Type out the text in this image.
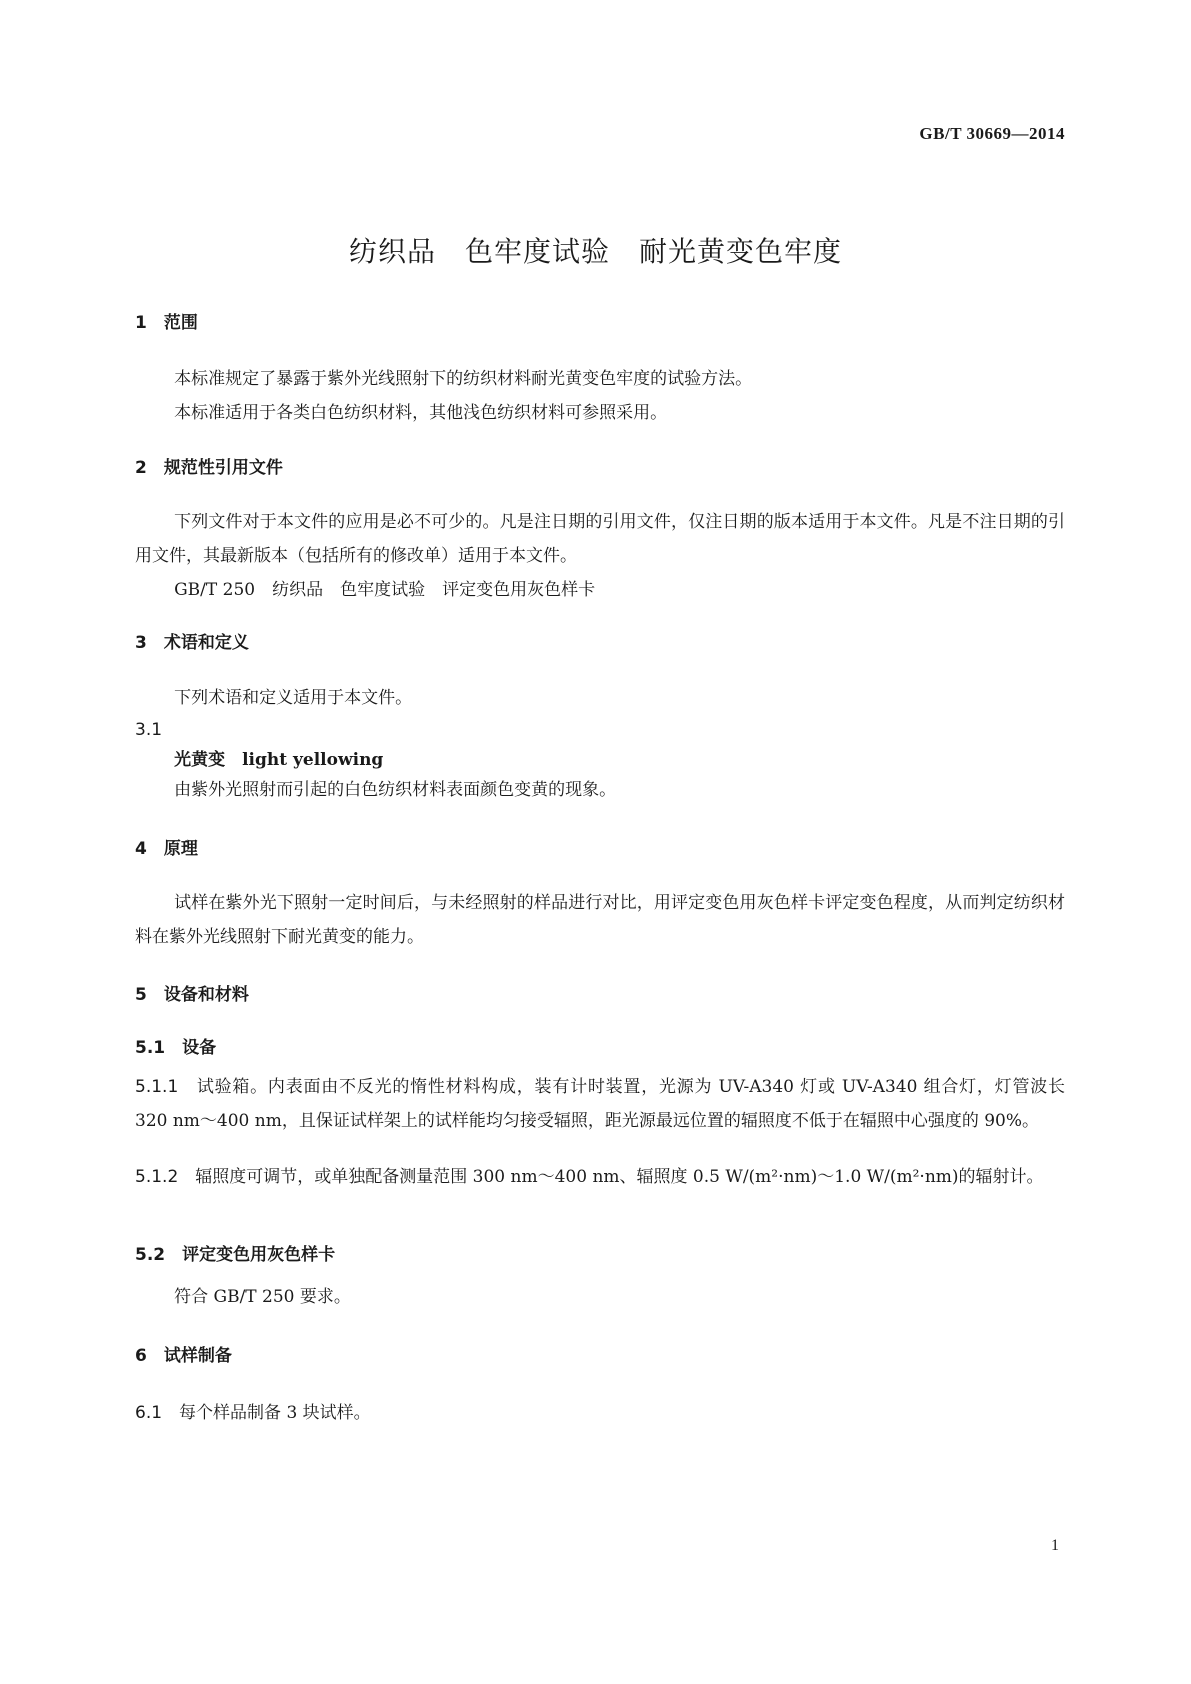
GB/T 30669—2014
纺织品　色牢度试验　耐光黄变色牢度
1　范围
本标准规定了暴露于紫外光线照射下的纺织材料耐光黄变色牢度的试验方法。
本标准适用于各类白色纺织材料，其他浅色纺织材料可参照采用。
2　规范性引用文件
下列文件对于本文件的应用是必不可少的。凡是注日期的引用文件，仅注日期的版本适用于本文件。凡是不注日期的引用文件，其最新版本（包括所有的修改单）适用于本文件。
GB/T 250　纺织品　色牢度试验　评定变色用灰色样卡
3　术语和定义
下列术语和定义适用于本文件。
3.1
光黄变　light yellowing
由紫外光照射而引起的白色纺织材料表面颜色变黄的现象。
4　原理
试样在紫外光下照射一定时间后，与未经照射的样品进行对比，用评定变色用灰色样卡评定变色程度，从而判定纺织材料在紫外光线照射下耐光黄变的能力。
5　设备和材料
5.1　设备
5.1.1　 试验箱。内表面由不反光的惰性材料构成，装有计时装置，光源为 UV-A340 灯或 UV-A340 组合灯，灯管波长 320 nm～400 nm，且保证试样架上的试样能均匀接受辐照，距光源最远位置的辐照度不低于在辐照中心强度的 90%。
5.1.2　 辐照度可调节，或单独配备测量范围 300 nm～400 nm、辐照度 0.5 W/(m²·nm)～1.0 W/(m²·nm)的辐射计。
5.2　评定变色用灰色样卡
符合 GB/T 250 要求。
6　试样制备
6.1　 每个样品制备 3 块试样。
1
